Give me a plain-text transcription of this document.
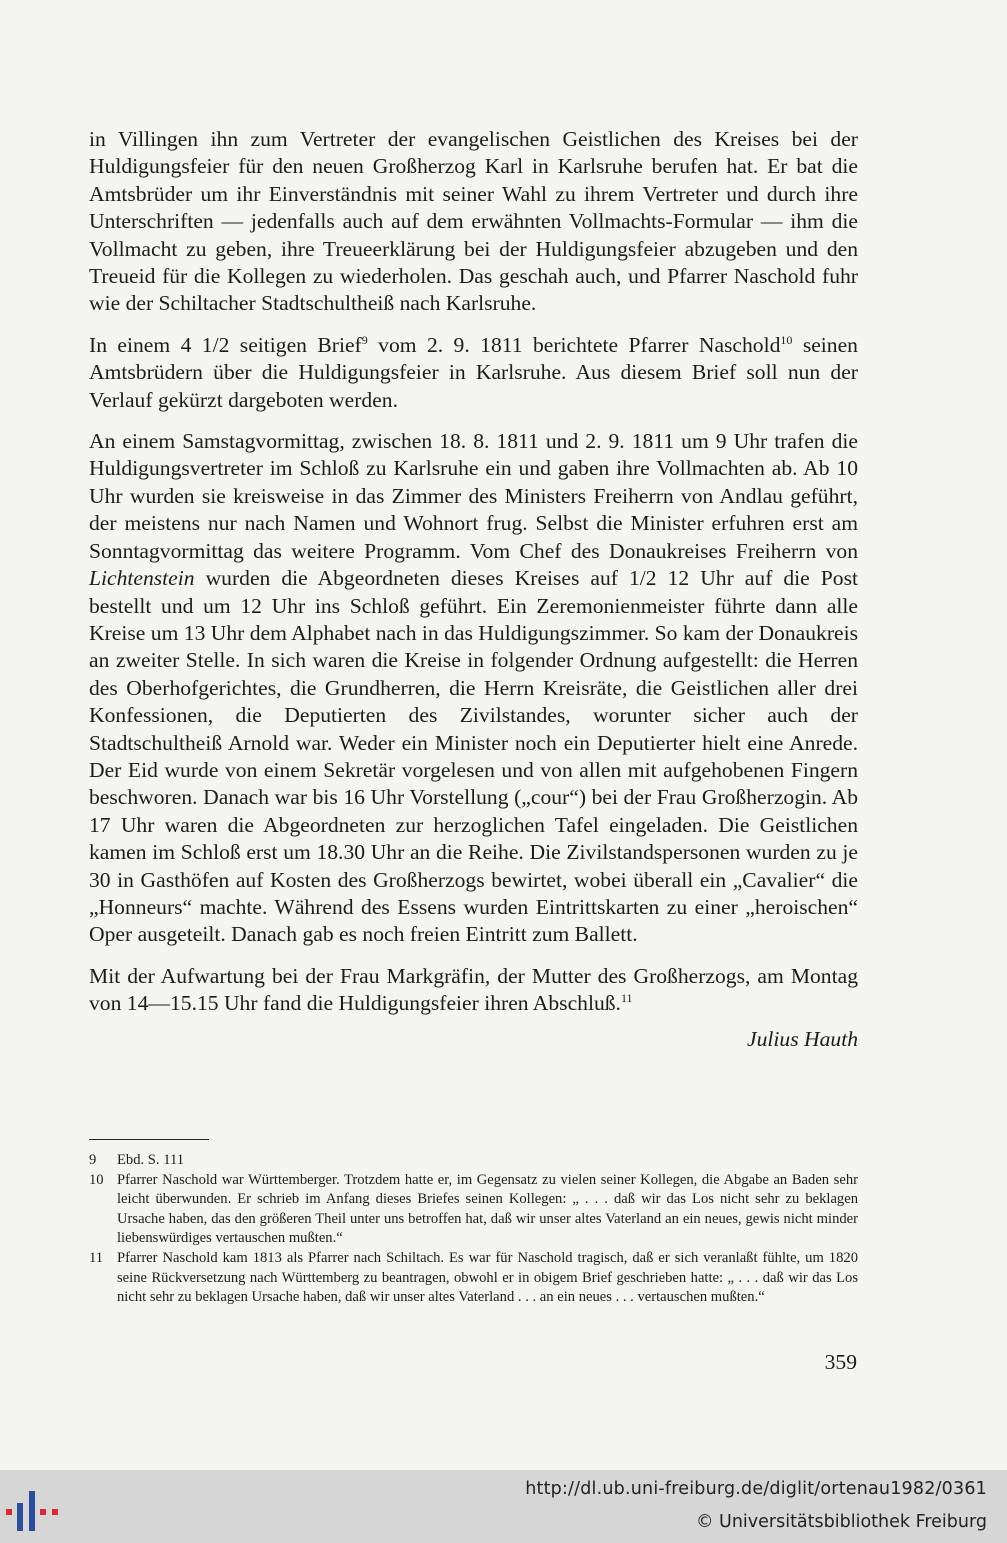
in Villingen ihn zum Vertreter der evangelischen Geistlichen des Kreises bei der Huldigungsfeier für den neuen Großherzog Karl in Karlsruhe berufen hat. Er bat die Amtsbrüder um ihr Einverständnis mit seiner Wahl zu ihrem Vertreter und durch ihre Unterschriften — jedenfalls auch auf dem erwähnten Vollmachts-Formular — ihm die Vollmacht zu geben, ihre Treueerklärung bei der Huldigungsfeier abzugeben und den Treueid für die Kollegen zu wiederholen. Das geschah auch, und Pfarrer Naschold fuhr wie der Schiltacher Stadtschultheiß nach Karlsruhe.

In einem 4 1/2 seitigen Brief$^9$ vom 2. 9. 1811 berichtete Pfarrer Naschold$^{10}$ seinen Amtsbrüdern über die Huldigungsfeier in Karlsruhe. Aus diesem Brief soll nun der Verlauf gekürzt dargeboten werden.

An einem Samstagvormittag, zwischen 18. 8. 1811 und 2. 9. 1811 um 9 Uhr trafen die Huldigungsvertreter im Schloß zu Karlsruhe ein und gaben ihre Vollmachten ab. Ab 10 Uhr wurden sie kreisweise in das Zimmer des Ministers Freiherrn von Andlau geführt, der meistens nur nach Namen und Wohnort frug. Selbst die Minister erfuhren erst am Sonntagvormittag das weitere Programm. Vom Chef des Donaukreises Freiherrn von Lichtenstein wurden die Abgeordneten dieses Kreises auf 1/2 12 Uhr auf die Post bestellt und um 12 Uhr ins Schloß geführt. Ein Zeremonienmeister führte dann alle Kreise um 13 Uhr dem Alphabet nach in das Huldigungszimmer. So kam der Donaukreis an zweiter Stelle. In sich waren die Kreise in folgender Ordnung aufgestellt: die Herren des Oberhofgerichtes, die Grundherren, die Herrn Kreisräte, die Geistlichen aller drei Konfessionen, die Deputierten des Zivilstandes, worunter sicher auch der Stadtschultheiß Arnold war. Weder ein Minister noch ein Deputierter hielt eine Anrede. Der Eid wurde von einem Sekretär vorgelesen und von allen mit aufgehobenen Fingern beschworen. Danach war bis 16 Uhr Vorstellung („cour“) bei der Frau Großherzogin. Ab 17 Uhr waren die Abgeordneten zur herzoglichen Tafel eingeladen. Die Geistlichen kamen im Schloß erst um 18.30 Uhr an die Reihe. Die Zivilstandspersonen wurden zu je 30 in Gasthöfen auf Kosten des Großherzogs bewirtet, wobei überall ein „Cavalier“ die „Honneurs“ machte. Während des Essens wurden Eintrittskarten zu einer „heroischen“ Oper ausgeteilt. Danach gab es noch freien Eintritt zum Ballett.

Mit der Aufwartung bei der Frau Markgräfin, der Mutter des Großherzogs, am Montag von 14—15.15 Uhr fand die Huldigungsfeier ihren Abschluß.$^{11}$

Julius Hauth

9	Ebd. S. 111
10 Pfarrer Naschold war Württemberger. Trotzdem hatte er, im Gegensatz zu vielen seiner Kollegen, die Abgabe an Baden sehr leicht überwunden. Er schrieb im Anfang dieses Briefes seinen Kollegen: „ . . . daß wir das Los nicht sehr zu beklagen Ursache haben, das den größeren Theil unter uns betroffen hat, daß wir unser altes Vaterland an ein neues, gewis nicht minder liebenswürdiges vertauschen mußten.“
11 Pfarrer Naschold kam 1813 als Pfarrer nach Schiltach. Es war für Naschold tragisch, daß er sich veranlaßt fühlte, um 1820 seine Rückversetzung nach Württemberg zu beantragen, obwohl er in obigem Brief geschrieben hatte: „ . . . daß wir das Los nicht sehr zu beklagen Ursache haben, daß wir unser altes Vaterland . . . an ein neues . . . vertauschen mußten.“
359
http://dl.ub.uni-freiburg.de/diglit/ortenau1982/0361
© Universitätsbibliothek Freiburg
